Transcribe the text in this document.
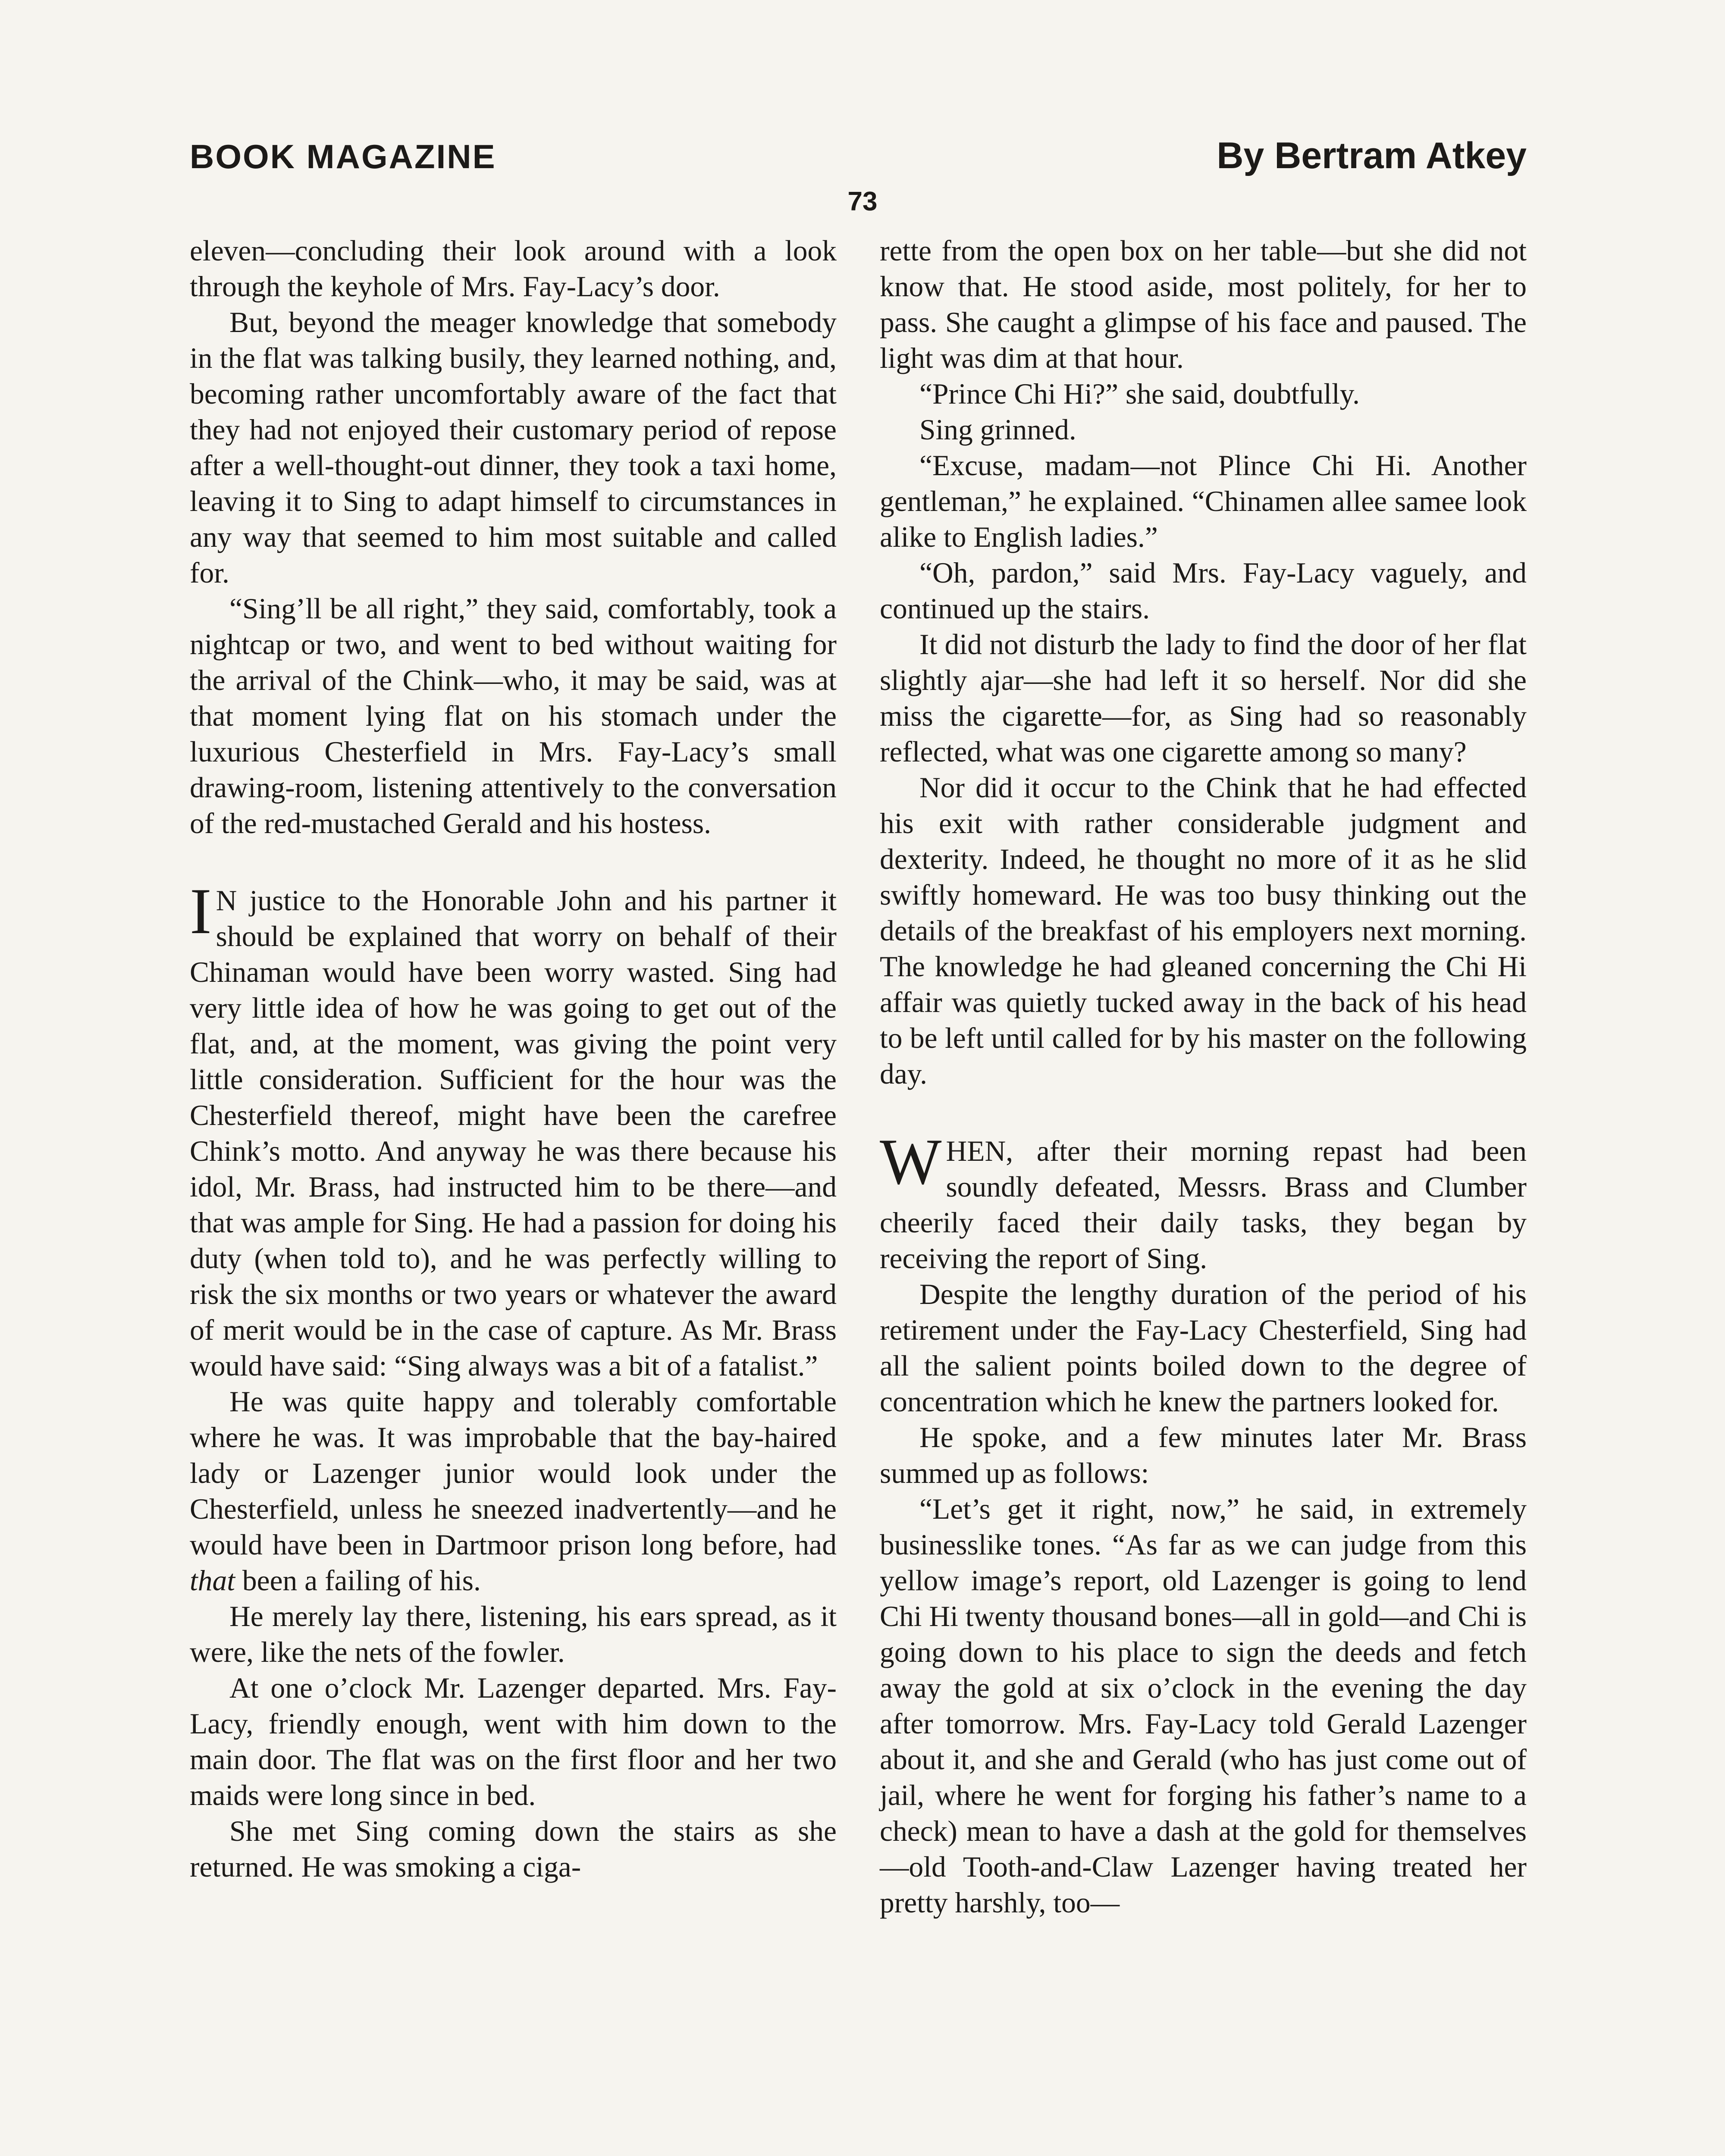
BOOK MAGAZINE	By Bertram Atkey
73

eleven—concluding their look around with a look through the keyhole of Mrs. Fay-Lacy’s door.

But, beyond the meager knowledge that somebody in the flat was talking busily, they learned nothing, and, becoming rather uncomfortably aware of the fact that they had not enjoyed their customary period of repose after a well-thought-out dinner, they took a taxi home, leaving it to Sing to adapt himself to circumstances in any way that seemed to him most suitable and called for.

“Sing’ll be all right,” they said, comfortably, took a nightcap or two, and went to bed without waiting for the arrival of the Chink—who, it may be said, was at that moment lying flat on his stomach under the luxurious Chesterfield in Mrs. Fay-Lacy’s small drawing-room, listening attentively to the conversation of the red-mustached Gerald and his hostess.

I N justice to the Honorable John and his partner it should be explained that worry on behalf of their Chinaman would have been worry wasted. Sing had very little idea of how he was going to get out of the flat, and, at the moment, was giving the point very little consideration. Sufficient for the hour was the Chesterfield thereof, might have been the carefree Chink’s motto. And anyway he was there because his idol, Mr. Brass, had instructed him to be there—and that was ample for Sing. He had a passion for doing his duty (when told to), and he was perfectly willing to risk the six months or two years or whatever the award of merit would be in the case of capture. As Mr. Brass would have said: “Sing always was a bit of a fatalist.”

He was quite happy and tolerably comfortable where he was. It was improbable that the bay-haired lady or Lazenger junior would look under the Chesterfield, unless he sneezed inadvertently—and he would have been in Dartmoor prison long before, had that been a failing of his.

He merely lay there, listening, his ears spread, as it were, like the nets of the fowler.

At one o’clock Mr. Lazenger departed. Mrs. Fay-Lacy, friendly enough, went with him down to the main door. The flat was on the first floor and her two maids were long since in bed.

She met Sing coming down the stairs as she returned. He was smoking a ciga-

rette from the open box on her table—but she did not know that. He stood aside, most politely, for her to pass. She caught a glimpse of his face and paused. The light was dim at that hour.

“Prince Chi Hi?” she said, doubtfully.

Sing grinned.

“Excuse, madam—not Plince Chi Hi. Another gentleman,” he explained. “Chinamen allee samee look alike to English ladies.”

“Oh, pardon,” said Mrs. Fay-Lacy vaguely, and continued up the stairs.

It did not disturb the lady to find the door of her flat slightly ajar—she had left it so herself. Nor did she miss the cigarette—for, as Sing had so reasonably reflected, what was one cigarette among so many?

Nor did it occur to the Chink that he had effected his exit with rather considerable judgment and dexterity. Indeed, he thought no more of it as he slid swiftly homeward. He was too busy thinking out the details of the breakfast of his employers next morning. The knowledge he had gleaned concerning the Chi Hi affair was quietly tucked away in the back of his head to be left until called for by his master on the following day.

WHEN, after their morning repast had been soundly defeated, Messrs. Brass and Clumber cheerily faced their daily tasks, they began by receiving the report of Sing.

Despite the lengthy duration of the period of his retirement under the Fay-Lacy Chesterfield, Sing had all the salient points boiled down to the degree of concentration which he knew the partners looked for.

He spoke, and a few minutes later Mr. Brass summed up as follows:

“Let’s get it right, now,” he said, in extremely businesslike tones. “As far as we can judge from this yellow image’s report, old Lazenger is going to lend Chi Hi twenty thousand bones—all in gold—and Chi is going down to his place to sign the deeds and fetch away the gold at six o’clock in the evening the day after tomorrow. Mrs. Fay-Lacy told Gerald Lazenger about it, and she and Gerald (who has just come out of jail, where he went for forging his father’s name to a check) mean to have a dash at the gold for themselves—old Tooth-and-Claw Lazenger having treated her pretty harshly, too—
